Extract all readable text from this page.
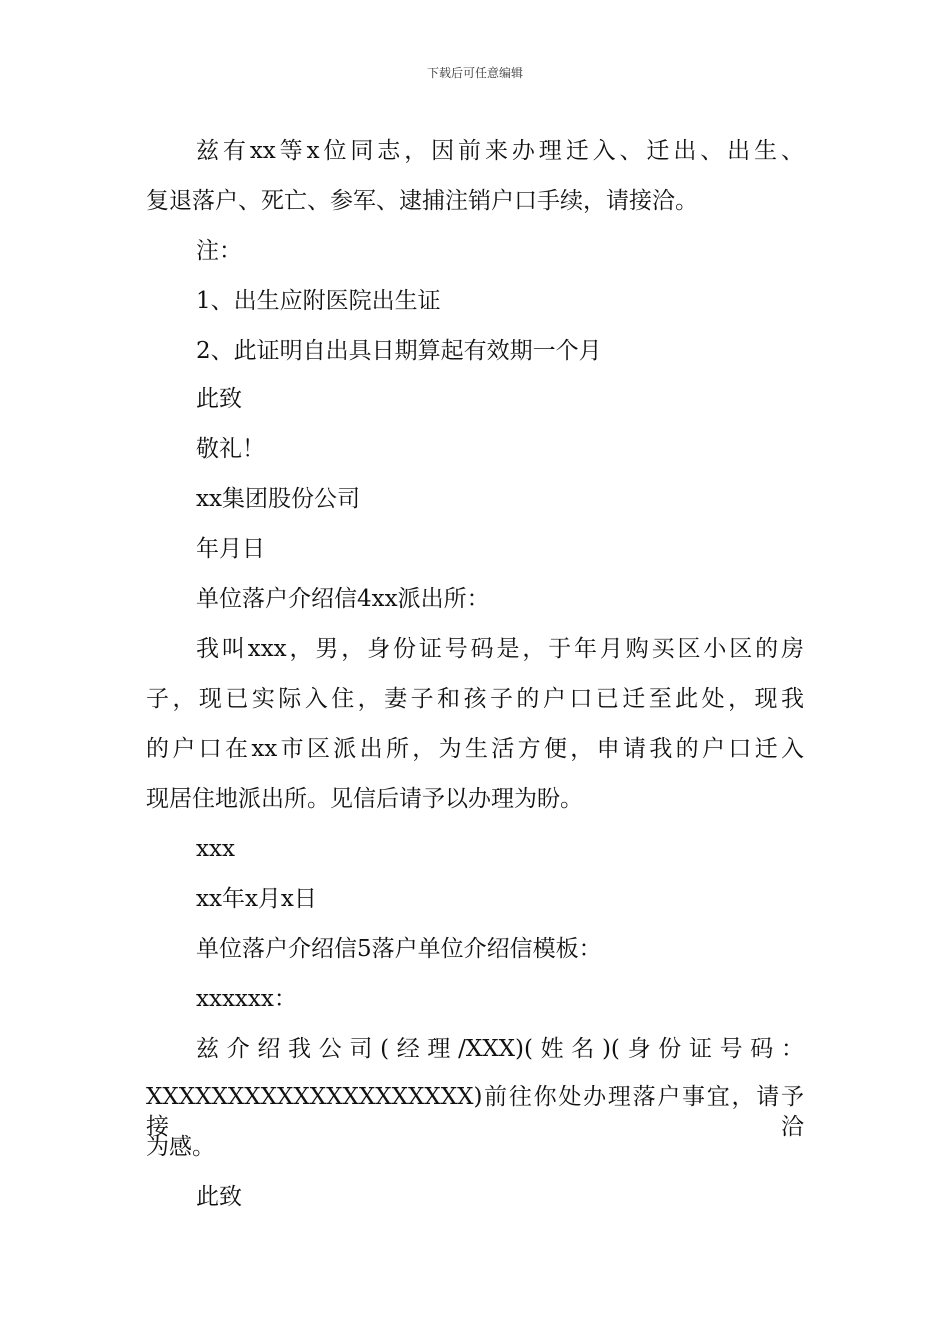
下载后可任意编辑
兹有xx等x位同志，因前来办理迁入、迁出、出生、
复退落户、死亡、参军、逮捕注销户口手续，请接洽。
注：
1、出生应附医院出生证
2、此证明自出具日期算起有效期一个月
此致
敬礼！
xx集团股份公司
年月日
单位落户介绍信4xx派出所：
我叫xxx，男，身份证号码是，于年月购买区小区的房
子，现已实际入住，妻子和孩子的户口已迁至此处，现我
的户口在xx市区派出所，为生活方便，申请我的户口迁入
现居住地派出所。见信后请予以办理为盼。
xxx
xx年x月x日
单位落户介绍信5落户单位介绍信模板：
xxxxxx：
兹介绍我公司(经理/XXX)(姓名)(身份证号码：
XXXXXXXXXXXXXXXXXXXX)前往你处办理落户事宜，请予接洽
为感。
此致
